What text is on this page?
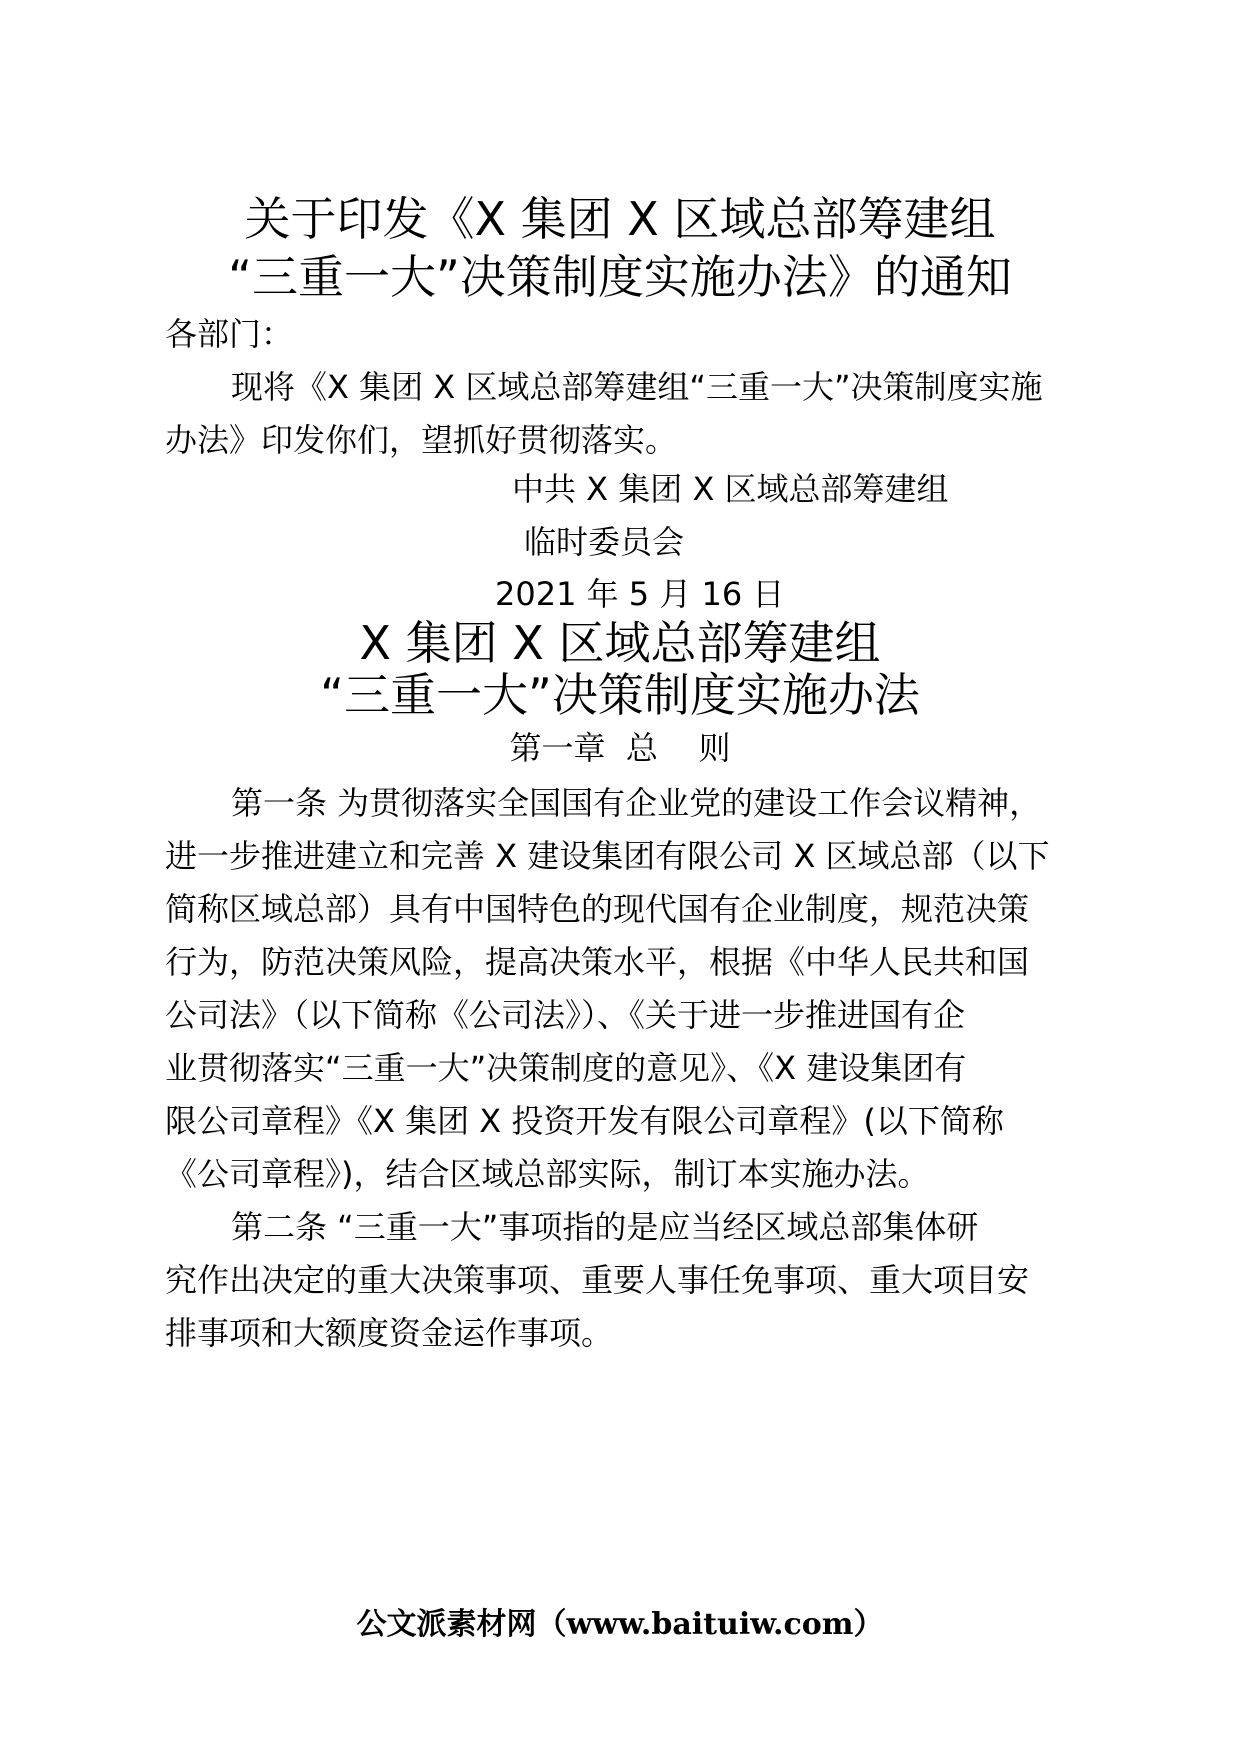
关于印发《X 集团 X 区域总部筹建组
“三重一大”决策制度实施办法》的通知
各部门：
现将《X 集团 X 区域总部筹建组“三重一大”决策制度实施
办法》印发你们，望抓好贯彻落实。
中共 X 集团 X 区域总部筹建组
临时委员会
2021 年 5 月 16 日
X 集团 X 区域总部筹建组
“三重一大”决策制度实施办法
第一章  总    则
第一条 为贯彻落实全国国有企业党的建设工作会议精神，
进一步推进建立和完善 X 建设集团有限公司 X 区域总部（以下
简称区域总部）具有中国特色的现代国有企业制度，规范决策
行为，防范决策风险，提高决策水平，根据《中华人民共和国
公司法》（以下简称《公司法》）、《关于进一步推进国有企
业贯彻落实“三重一大”决策制度的意见》、《X 建设集团有
限公司章程》《X 集团 X 投资开发有限公司章程》(以下简称
《公司章程》)，结合区域总部实际，制订本实施办法。
第二条 “三重一大”事项指的是应当经区域总部集体研
究作出决定的重大决策事项、重要人事任免事项、重大项目安
排事项和大额度资金运作事项。
公文派素材网（www.baituiw.com）
